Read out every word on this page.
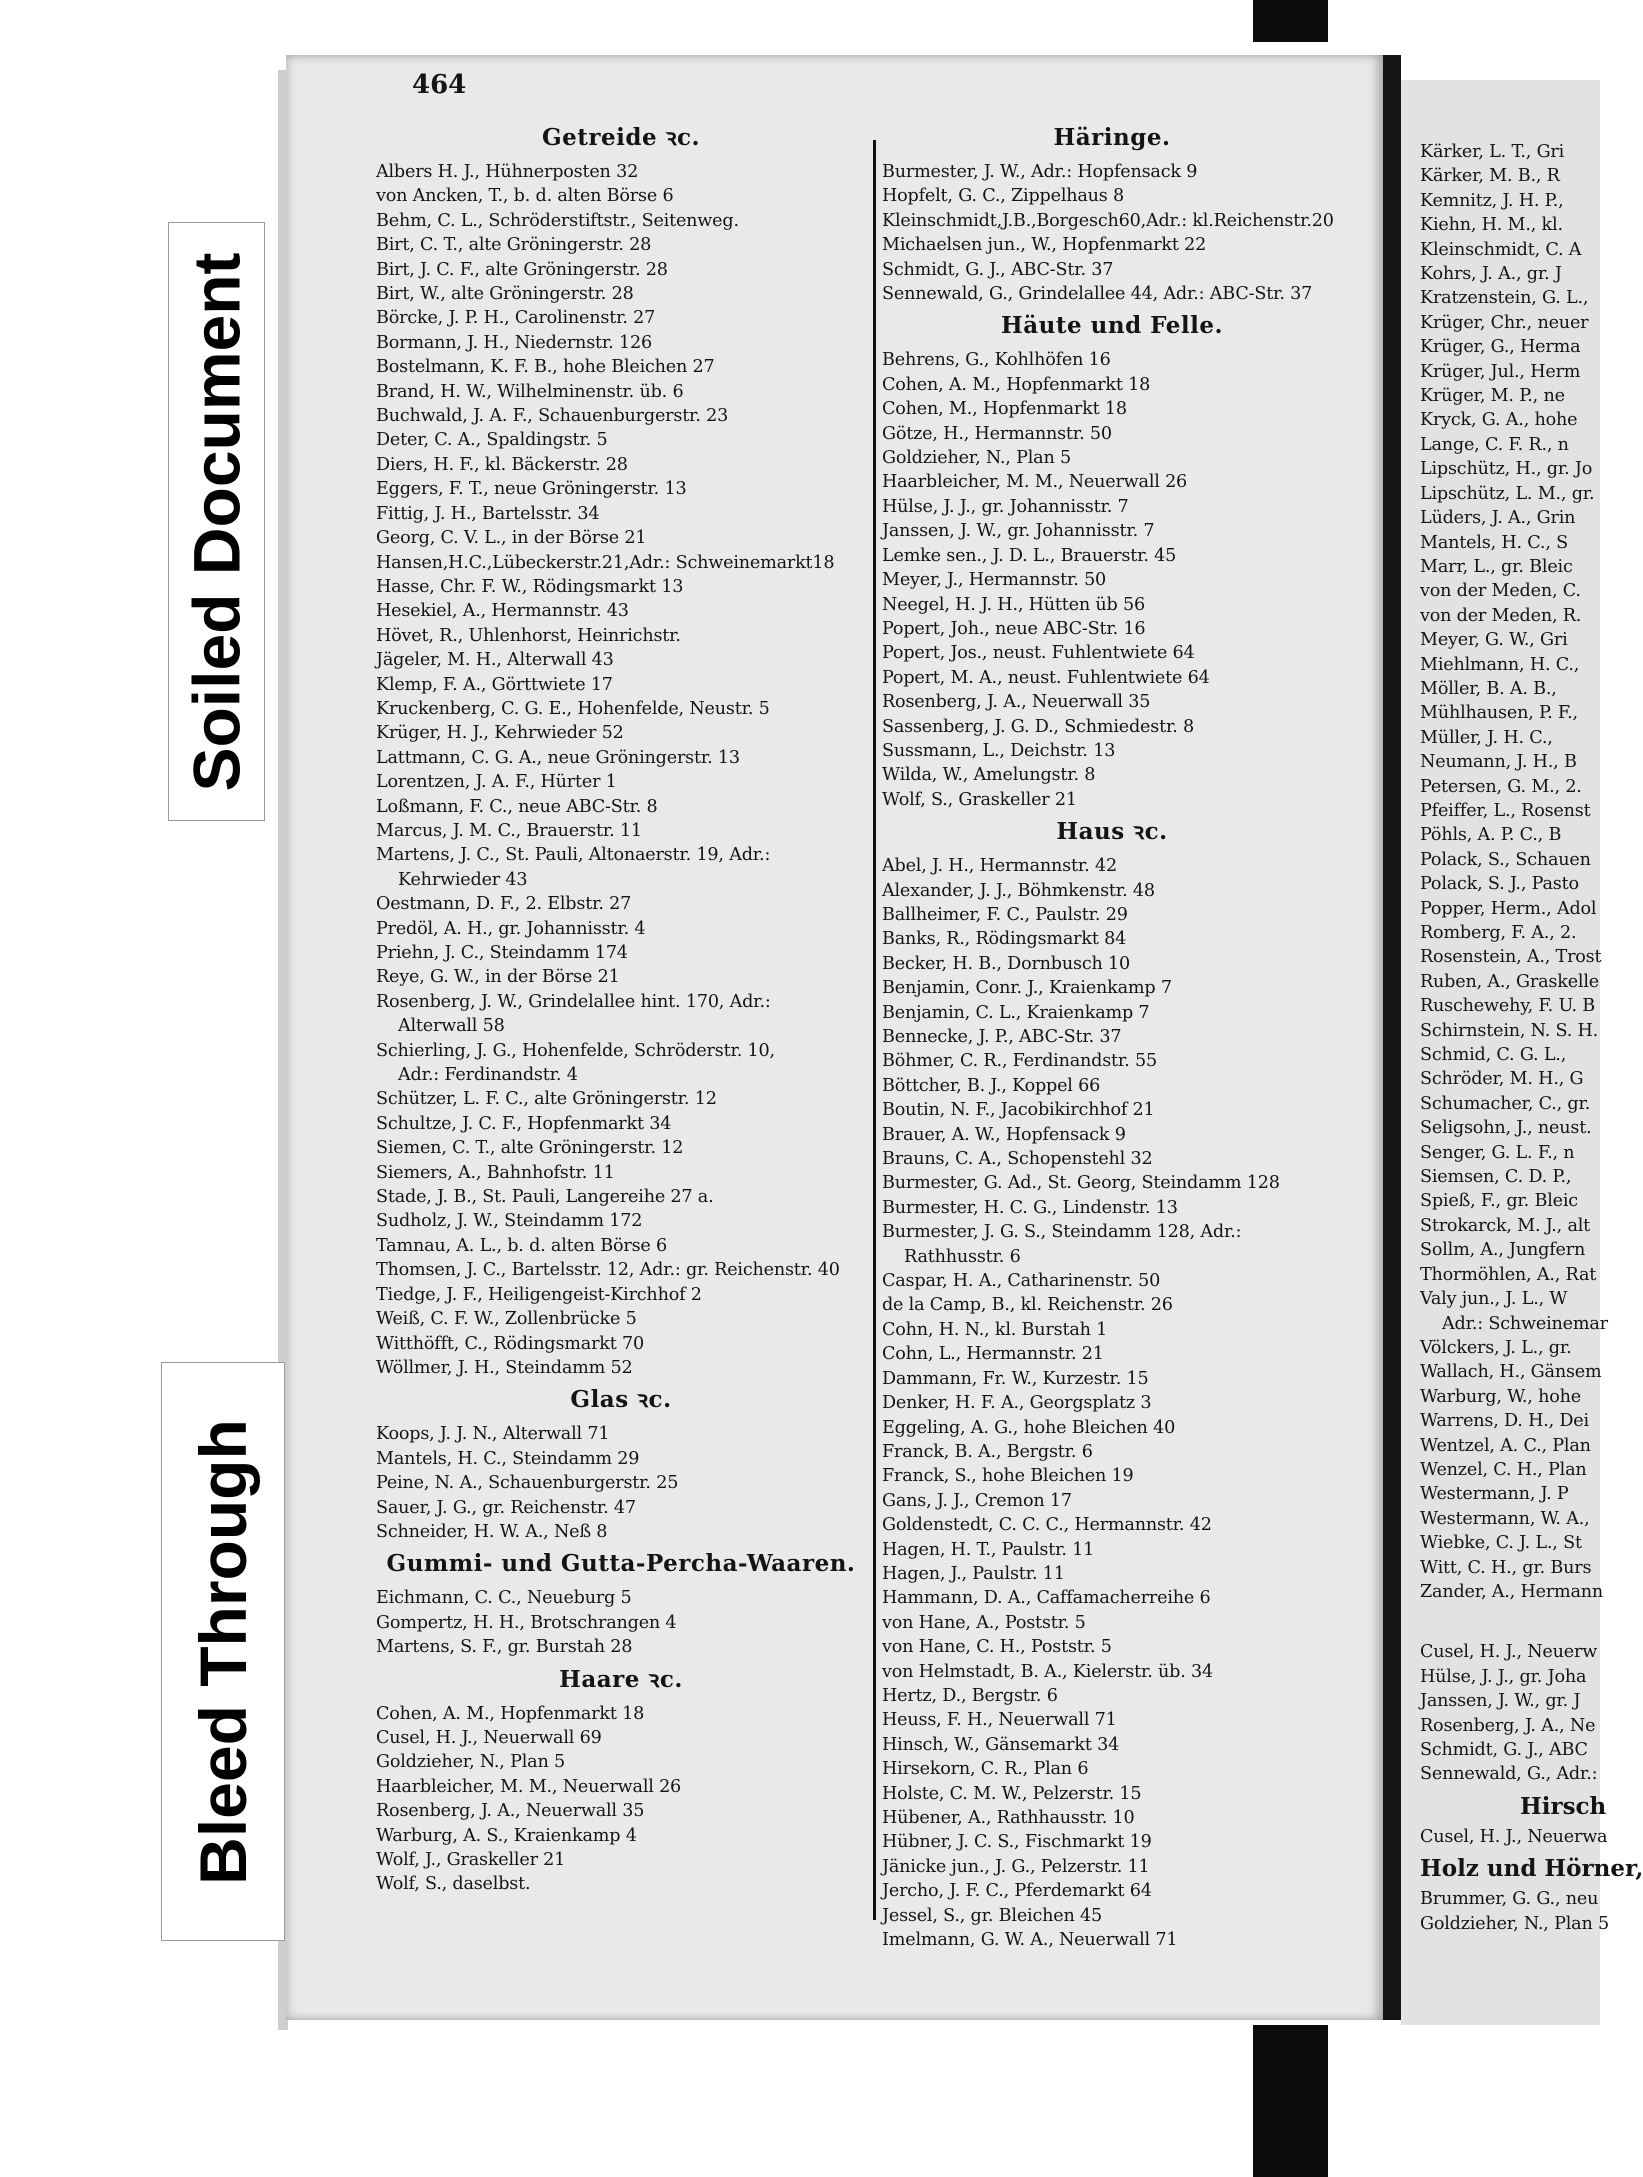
Soiled Document
Bleed Through
464
Getreide ꝛc.
Albers H. J., Hühnerposten 32
von Ancken, T., b. d. alten Börse 6
Behm, C. L., Schröderstiftstr., Seitenweg.
Birt, C. T., alte Gröningerstr. 28
Birt, J. C. F., alte Gröningerstr. 28
Birt, W., alte Gröningerstr. 28
Börcke, J. P. H., Carolinenstr. 27
Bormann, J. H., Niedernstr. 126
Bostelmann, K. F. B., hohe Bleichen 27
Brand, H. W., Wilhelminenstr. üb. 6
Buchwald, J. A. F., Schauenburgerstr. 23
Deter, C. A., Spaldingstr. 5
Diers, H. F., kl. Bäckerstr. 28
Eggers, F. T., neue Gröningerstr. 13
Fittig, J. H., Bartelsstr. 34
Georg, C. V. L., in der Börse 21
Hansen,H.C.,Lübeckerstr.21,Adr.: Schweinemarkt18
Hasse, Chr. F. W., Rödingsmarkt 13
Hesekiel, A., Hermannstr. 43
Hövet, R., Uhlenhorst, Heinrichstr.
Jägeler, M. H., Alterwall 43
Klemp, F. A., Görttwiete 17
Kruckenberg, C. G. E., Hohenfelde, Neustr. 5
Krüger, H. J., Kehrwieder 52
Lattmann, C. G. A., neue Gröningerstr. 13
Lorentzen, J. A. F., Hürter 1
Loßmann, F. C., neue ABC-Str. 8
Marcus, J. M. C., Brauerstr. 11
Martens, J. C., St. Pauli, Altonaerstr. 19, Adr.:
Kehrwieder 43
Oestmann, D. F., 2. Elbstr. 27
Predöl, A. H., gr. Johannisstr. 4
Priehn, J. C., Steindamm 174
Reye, G. W., in der Börse 21
Rosenberg, J. W., Grindelallee hint. 170, Adr.:
Alterwall 58
Schierling, J. G., Hohenfelde, Schröderstr. 10,
Adr.: Ferdinandstr. 4
Schützer, L. F. C., alte Gröningerstr. 12
Schultze, J. C. F., Hopfenmarkt 34
Siemen, C. T., alte Gröningerstr. 12
Siemers, A., Bahnhofstr. 11
Stade, J. B., St. Pauli, Langereihe 27 a.
Sudholz, J. W., Steindamm 172
Tamnau, A. L., b. d. alten Börse 6
Thomsen, J. C., Bartelsstr. 12, Adr.: gr. Reichenstr. 40
Tiedge, J. F., Heiligengeist-Kirchhof 2
Weiß, C. F. W., Zollenbrücke 5
Witthöfft, C., Rödingsmarkt 70
Wöllmer, J. H., Steindamm 52
Glas ꝛc.
Koops, J. J. N., Alterwall 71
Mantels, H. C., Steindamm 29
Peine, N. A., Schauenburgerstr. 25
Sauer, J. G., gr. Reichenstr. 47
Schneider, H. W. A., Neß 8
Gummi- und Gutta-Percha-Waaren.
Eichmann, C. C., Neueburg 5
Gompertz, H. H., Brotschrangen 4
Martens, S. F., gr. Burstah 28
Haare ꝛc.
Cohen, A. M., Hopfenmarkt 18
Cusel, H. J., Neuerwall 69
Goldzieher, N., Plan 5
Haarbleicher, M. M., Neuerwall 26
Rosenberg, J. A., Neuerwall 35
Warburg, A. S., Kraienkamp 4
Wolf, J., Graskeller 21
Wolf, S., daselbst.
Häringe.
Burmester, J. W., Adr.: Hopfensack 9
Hopfelt, G. C., Zippelhaus 8
Kleinschmidt,J.B.,Borgesch60,Adr.: kl.Reichenstr.20
Michaelsen jun., W., Hopfenmarkt 22
Schmidt, G. J., ABC-Str. 37
Sennewald, G., Grindelallee 44, Adr.: ABC-Str. 37
Häute und Felle.
Behrens, G., Kohlhöfen 16
Cohen, A. M., Hopfenmarkt 18
Cohen, M., Hopfenmarkt 18
Götze, H., Hermannstr. 50
Goldzieher, N., Plan 5
Haarbleicher, M. M., Neuerwall 26
Hülse, J. J., gr. Johannisstr. 7
Janssen, J. W., gr. Johannisstr. 7
Lemke sen., J. D. L., Brauerstr. 45
Meyer, J., Hermannstr. 50
Neegel, H. J. H., Hütten üb 56
Popert, Joh., neue ABC-Str. 16
Popert, Jos., neust. Fuhlentwiete 64
Popert, M. A., neust. Fuhlentwiete 64
Rosenberg, J. A., Neuerwall 35
Sassenberg, J. G. D., Schmiedestr. 8
Sussmann, L., Deichstr. 13
Wilda, W., Amelungstr. 8
Wolf, S., Graskeller 21
Haus ꝛc.
Abel, J. H., Hermannstr. 42
Alexander, J. J., Böhmkenstr. 48
Ballheimer, F. C., Paulstr. 29
Banks, R., Rödingsmarkt 84
Becker, H. B., Dornbusch 10
Benjamin, Conr. J., Kraienkamp 7
Benjamin, C. L., Kraienkamp 7
Bennecke, J. P., ABC-Str. 37
Böhmer, C. R., Ferdinandstr. 55
Böttcher, B. J., Koppel 66
Boutin, N. F., Jacobikirchhof 21
Brauer, A. W., Hopfensack 9
Brauns, C. A., Schopenstehl 32
Burmester, G. Ad., St. Georg, Steindamm 128
Burmester, H. C. G., Lindenstr. 13
Burmester, J. G. S., Steindamm 128, Adr.:
Rathhusstr. 6
Caspar, H. A., Catharinenstr. 50
de la Camp, B., kl. Reichenstr. 26
Cohn, H. N., kl. Burstah 1
Cohn, L., Hermannstr. 21
Dammann, Fr. W., Kurzestr. 15
Denker, H. F. A., Georgsplatz 3
Eggeling, A. G., hohe Bleichen 40
Franck, B. A., Bergstr. 6
Franck, S., hohe Bleichen 19
Gans, J. J., Cremon 17
Goldenstedt, C. C. C., Hermannstr. 42
Hagen, H. T., Paulstr. 11
Hagen, J., Paulstr. 11
Hammann, D. A., Caffamacherreihe 6
von Hane, A., Poststr. 5
von Hane, C. H., Poststr. 5
von Helmstadt, B. A., Kielerstr. üb. 34
Hertz, D., Bergstr. 6
Heuss, F. H., Neuerwall 71
Hinsch, W., Gänsemarkt 34
Hirsekorn, C. R., Plan 6
Holste, C. M. W., Pelzerstr. 15
Hübener, A., Rathhausstr. 10
Hübner, J. C. S., Fischmarkt 19
Jänicke jun., J. G., Pelzerstr. 11
Jercho, J. F. C., Pferdemarkt 64
Jessel, S., gr. Bleichen 45
Imelmann, G. W. A., Neuerwall 71
Kärker, L. T., Gri
Kärker, M. B., R
Kemnitz, J. H. P.,
Kiehn, H. M., kl.
Kleinschmidt, C. A
Kohrs, J. A., gr. J
Kratzenstein, G. L.,
Krüger, Chr., neuer
Krüger, G., Herma
Krüger, Jul., Herm
Krüger, M. P., ne
Kryck, G. A., hohe
Lange, C. F. R., n
Lipschütz, H., gr. Jo
Lipschütz, L. M., gr.
Lüders, J. A., Grin
Mantels, H. C., S
Marr, L., gr. Bleic
von der Meden, C.
von der Meden, R.
Meyer, G. W., Gri
Miehlmann, H. C.,
Möller, B. A. B.,
Mühlhausen, P. F.,
Müller, J. H. C.,
Neumann, J. H., B
Petersen, G. M., 2.
Pfeiffer, L., Rosenst
Pöhls, A. P. C., B
Polack, S., Schauen
Polack, S. J., Pasto
Popper, Herm., Adol
Romberg, F. A., 2.
Rosenstein, A., Trost
Ruben, A., Graskelle
Ruschewehy, F. U. B
Schirnstein, N. S. H.
Schmid, C. G. L.,
Schröder, M. H., G
Schumacher, C., gr.
Seligsohn, J., neust.
Senger, G. L. F., n
Siemsen, C. D. P.,
Spieß, F., gr. Bleic
Strokarck, M. J., alt
Sollm, A., Jungfern
Thormöhlen, A., Rat
Valy jun., J. L., W
Adr.: Schweinemar
Völckers, J. L., gr.
Wallach, H., Gänsem
Warburg, W., hohe
Warrens, D. H., Dei
Wentzel, A. C., Plan
Wenzel, C. H., Plan
Westermann, J. P
Westermann, W. A.,
Wiebke, C. J. L., St
Witt, C. H., gr. Burs
Zander, A., Hermann
Cusel, H. J., Neuerw
Hülse, J. J., gr. Joha
Janssen, J. W., gr. J
Rosenberg, J. A., Ne
Schmidt, G. J., ABC
Sennewald, G., Adr.:
Hirsch
Cusel, H. J., Neuerwa
Holz und Hörner,
Brummer, G. G., neu
Goldzieher, N., Plan 5
